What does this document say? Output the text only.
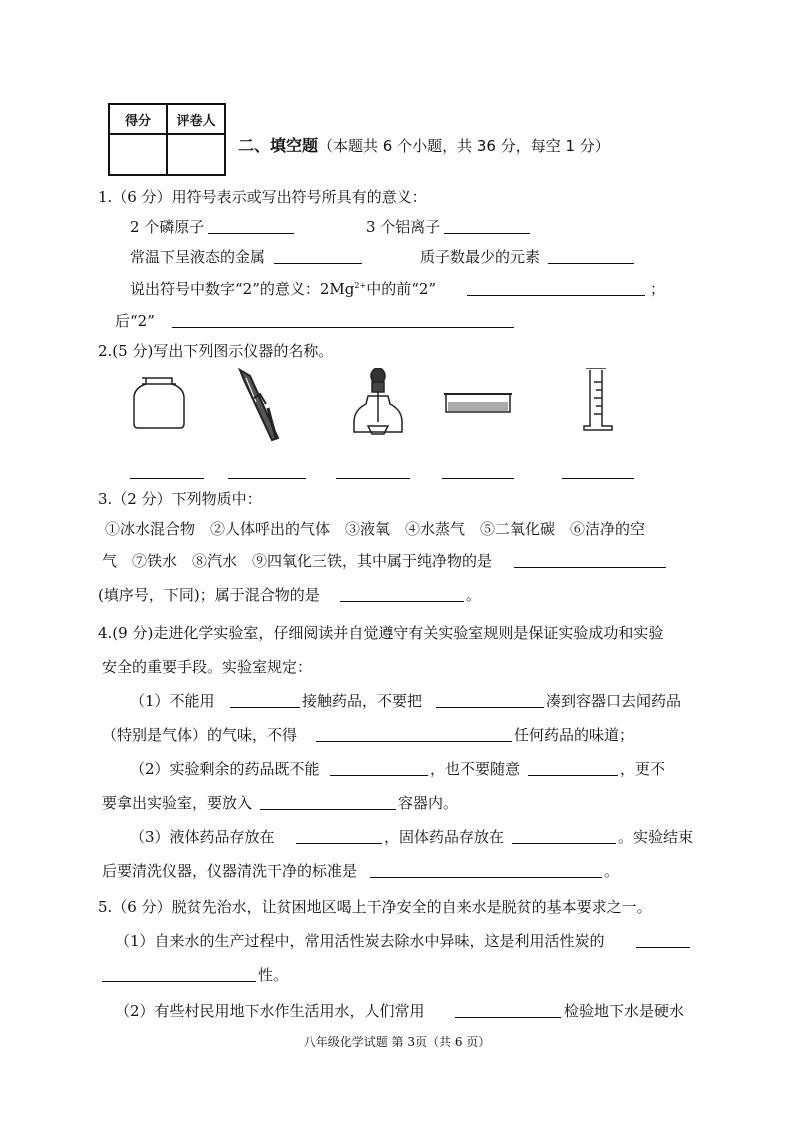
得分	评卷人

二、填空题（本题共 6 个小题，共 36 分，每空 1 分）
1.（6 分）用符号表示或写出符号所具有的意义：
2 个磷原子	3 个铝离子
常温下呈液态的金属	质子数最少的元素
说出符号中数字“2”的意义：$2Mg^{2+}$中的前“2”	；
后“2”
2.(5 分)写出下列图示仪器的名称。
3.（2 分）下列物质中：
①冰水混合物　②人体呼出的气体　③液氧　④水蒸气　⑤二氧化碳　⑥洁净的空
气　⑦铁水　⑧汽水　⑨四氧化三铁，其中属于纯净物的是
(填序号，下同)；属于混合物的是	。
4.(9 分)走进化学实验室，仔细阅读并自觉遵守有关实验室规则是保证实验成功和实验
安全的重要手段。实验室规定：
（1）不能用	接触药品，不要把	凑到容器口去闻药品
（特别是气体）的气味，不得	任何药品的味道；
（2）实验剩余的药品既不能	，也不要随意	，更不
要拿出实验室，要放入	容器内。
（3）液体药品存放在	，固体药品存放在	。实验结束
后要清洗仪器，仪器清洗干净的标准是	。
5.（6 分）脱贫先治水，让贫困地区喝上干净安全的自来水是脱贫的基本要求之一。
（1）自来水的生产过程中，常用活性炭去除水中异味，这是利用活性炭的
性。
（2）有些村民用地下水作生活用水，人们常用	检验地下水是硬水
八年级化学试题 第 3页（共 6 页）
